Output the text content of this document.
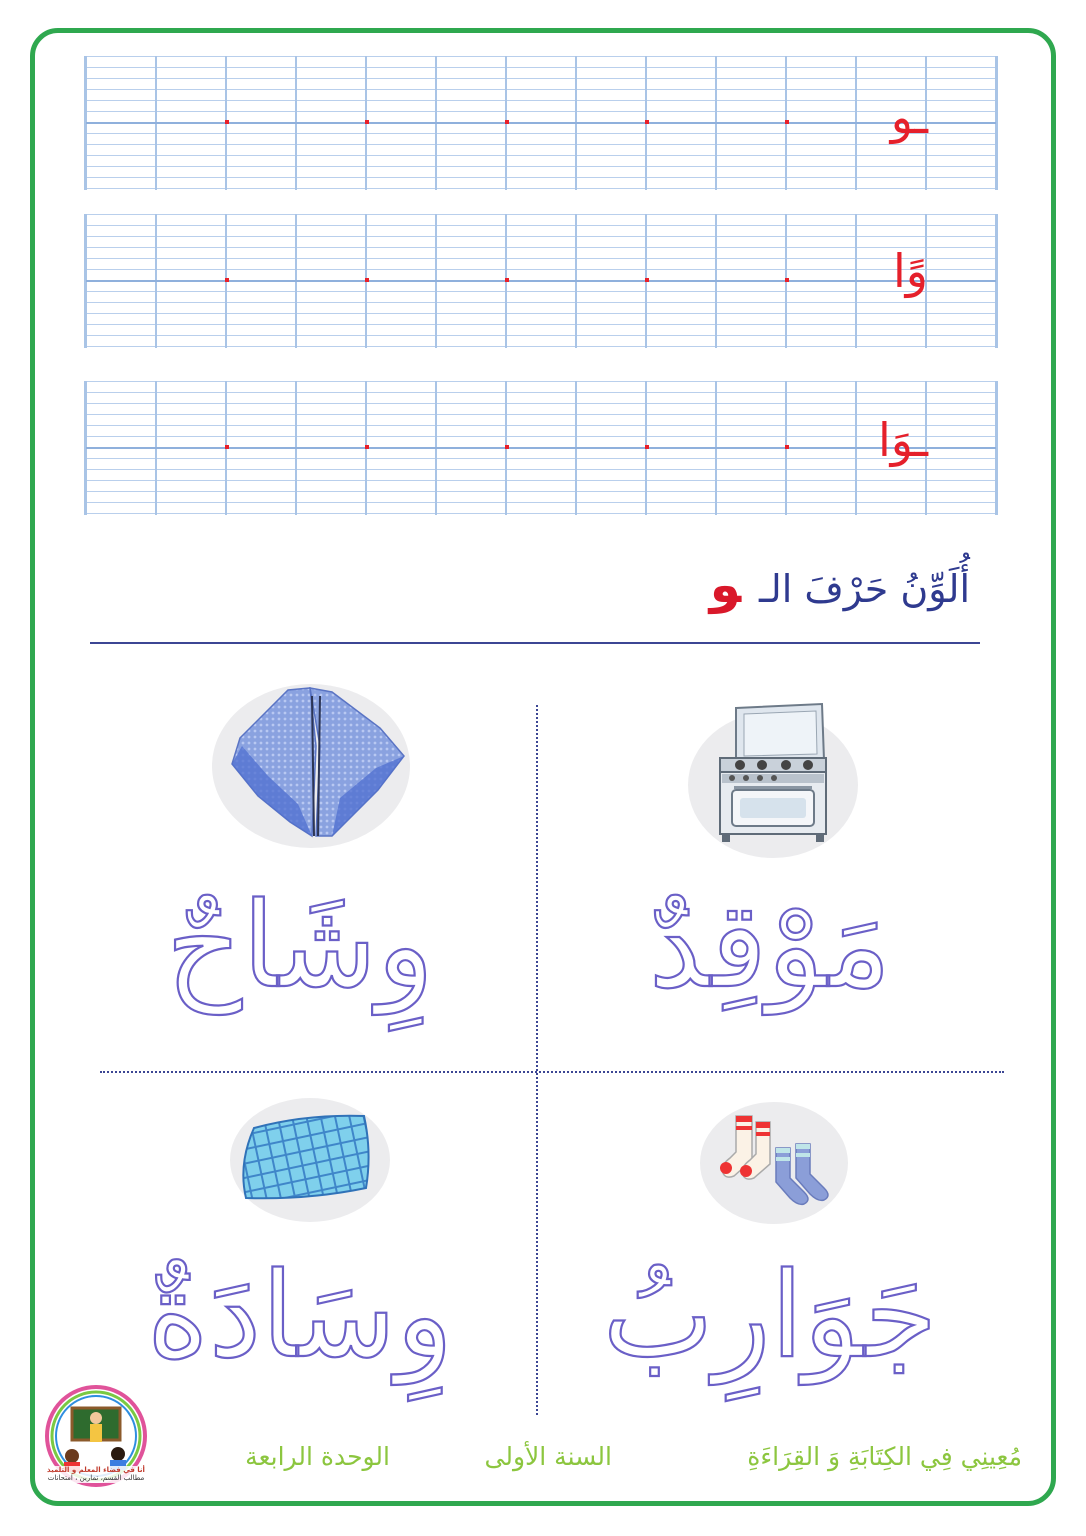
ـو
وًا
ـوَا
أُلَوِّنُ حَرْفَ الـو
مَوْقِدٌ
وِشَاحٌ
جَوَارِبُ
وِسَادَةٌ
مُعِينِي فِي الكِتَابَةِ وَ القِرَاءَةِ
السنة الأولى
الوحدة الرابعة
أنا في فضاء المعلم و التلميذ
مطالب القسم، تمارين ، امتحانات
